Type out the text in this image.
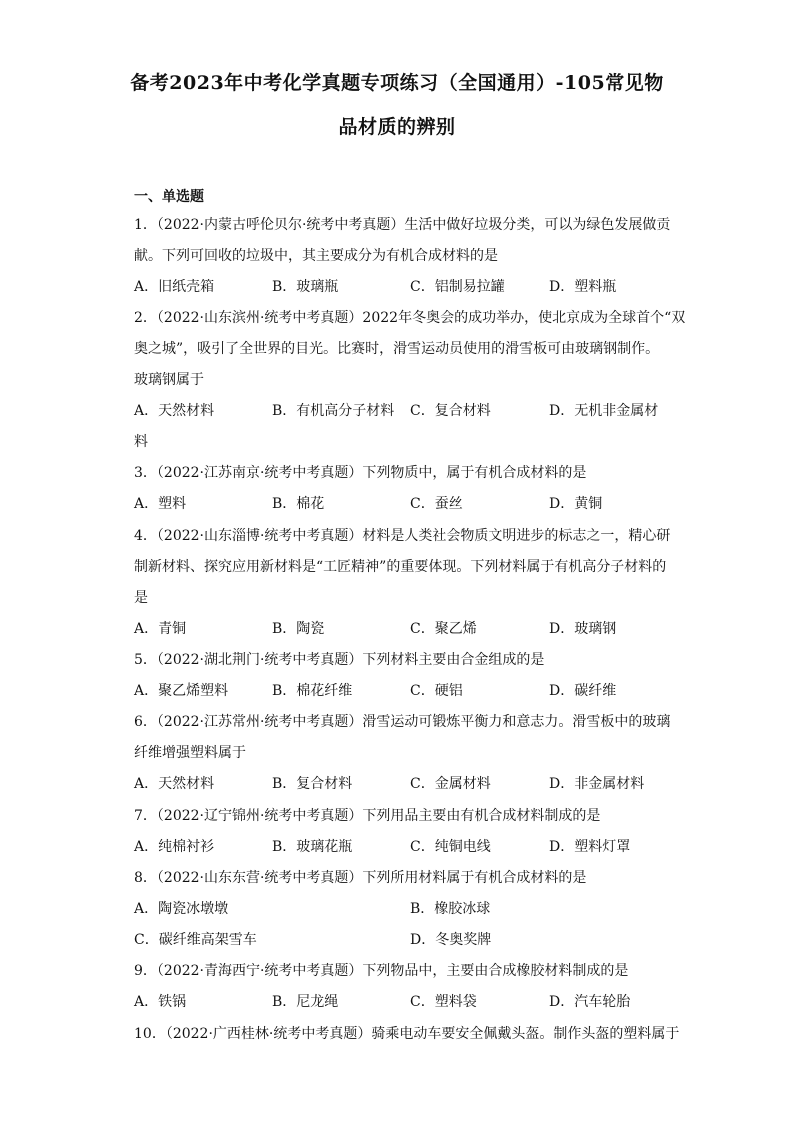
备考2023年中考化学真题专项练习（全国通用）-105常见物
品材质的辨别
一、单选题
1．（2022·内蒙古呼伦贝尔·统考中考真题）生活中做好垃圾分类，可以为绿色发展做贡
献。下列可回收的垃圾中，其主要成分为有机合成材料的是
A．旧纸壳箱	B．玻璃瓶	C．铝制易拉罐	D．塑料瓶
2．（2022·山东滨州·统考中考真题）2022年冬奥会的成功举办，使北京成为全球首个“双
奥之城”，吸引了全世界的目光。比赛时，滑雪运动员使用的滑雪板可由玻璃钢制作。
玻璃钢属于
A．天然材料	B．有机高分子材料 C．复合材料	D．无机非金属材
料
3．（2022·江苏南京·统考中考真题）下列物质中，属于有机合成材料的是
A．塑料	B．棉花	C．蚕丝	D．黄铜
4．（2022·山东淄博·统考中考真题）材料是人类社会物质文明进步的标志之一，精心研
制新材料、探究应用新材料是“工匠精神”的重要体现。下列材料属于有机高分子材料的
是
A．青铜	B．陶瓷	C．聚乙烯	D．玻璃钢
5．（2022·湖北荆门·统考中考真题）下列材料主要由合金组成的是
A．聚乙烯塑料	B．棉花纤维	C．硬铝	D．碳纤维
6．（2022·江苏常州·统考中考真题）滑雪运动可锻炼平衡力和意志力。滑雪板中的玻璃
纤维增强塑料属于
A．天然材料	B．复合材料	C．金属材料	D．非金属材料
7．（2022·辽宁锦州·统考中考真题）下列用品主要由有机合成材料制成的是
A．纯棉衬衫	B．玻璃花瓶	C．纯铜电线	D．塑料灯罩
8．（2022·山东东营·统考中考真题）下列所用材料属于有机合成材料的是
A．陶瓷冰墩墩	B．橡胶冰球
C．碳纤维高架雪车	D．冬奥奖牌
9．（2022·青海西宁·统考中考真题）下列物品中，主要由合成橡胶材料制成的是
A．铁锅	B．尼龙绳	C．塑料袋	D．汽车轮胎
10．（2022·广西桂林·统考中考真题）骑乘电动车要安全佩戴头盔。制作头盔的塑料属于
